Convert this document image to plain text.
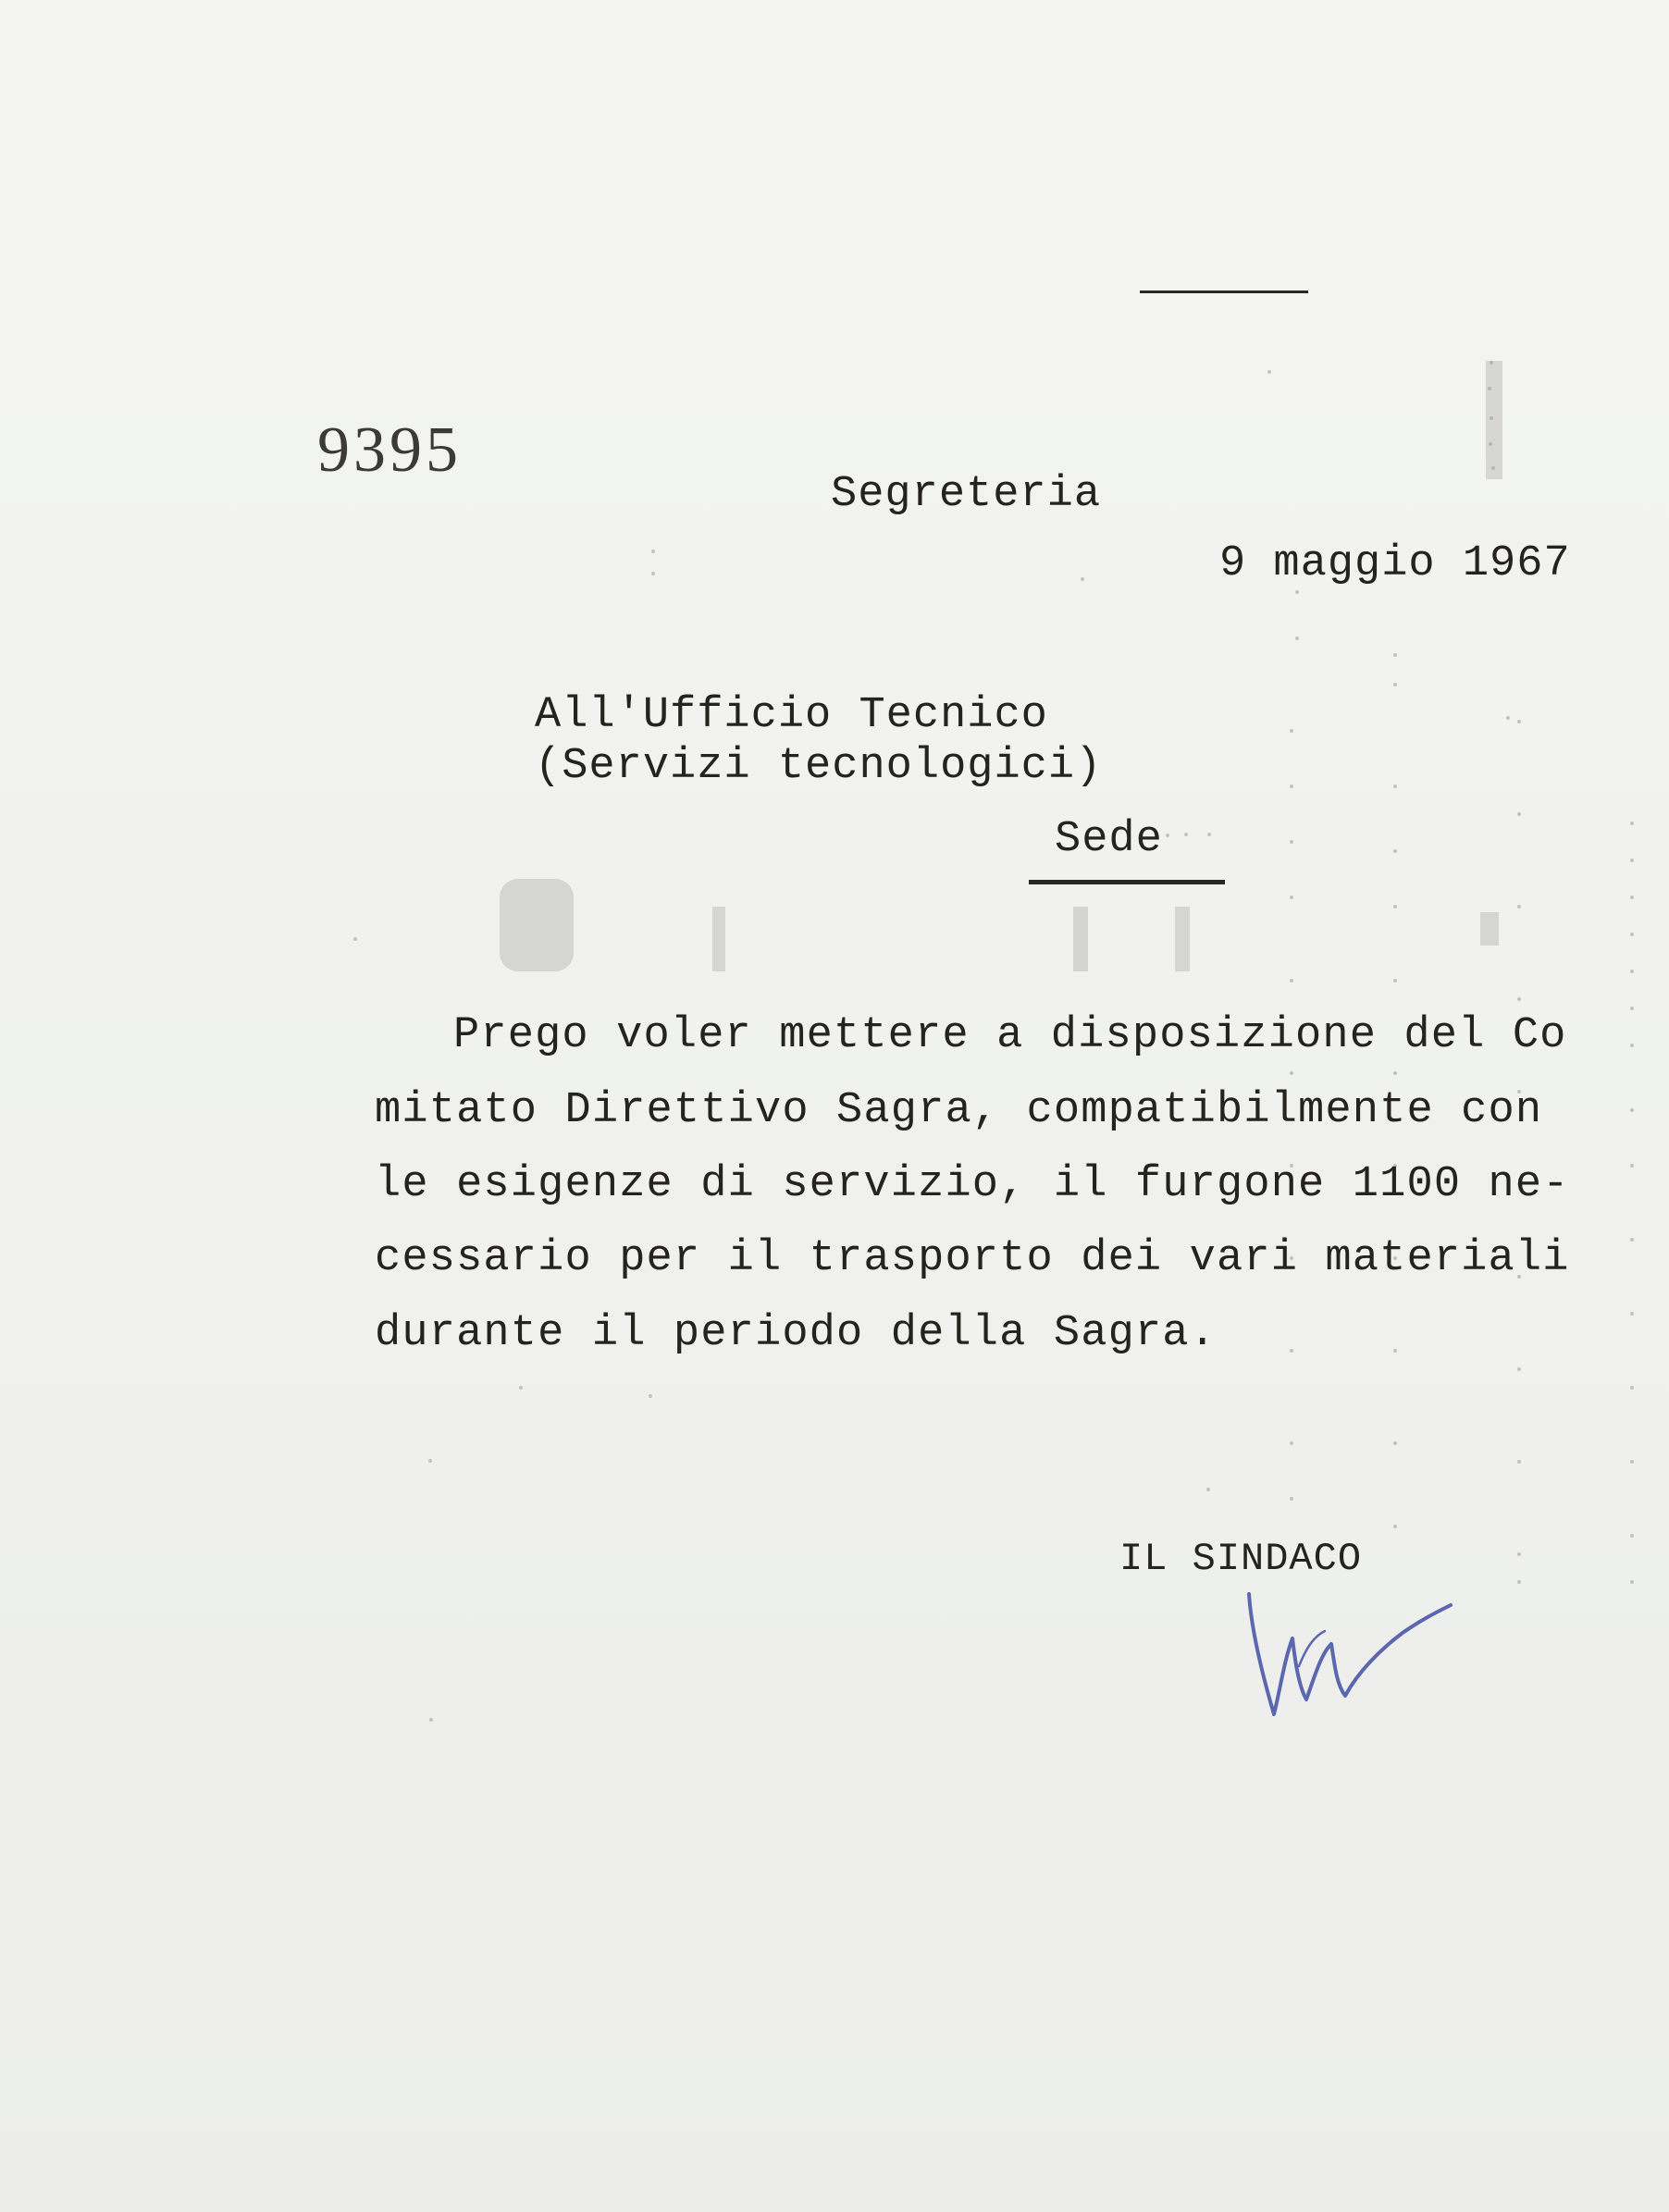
9395
Segreteria
9 maggio 1967
All'Ufficio Tecnico
(Servizi tecnologici)
Sede
Prego voler mettere a disposizione del Co
mitato Direttivo Sagra, compatibilmente con
le esigenze di servizio, il furgone 1100 ne-
cessario per il trasporto dei vari materiali
durante il periodo della Sagra.
IL SINDACO
